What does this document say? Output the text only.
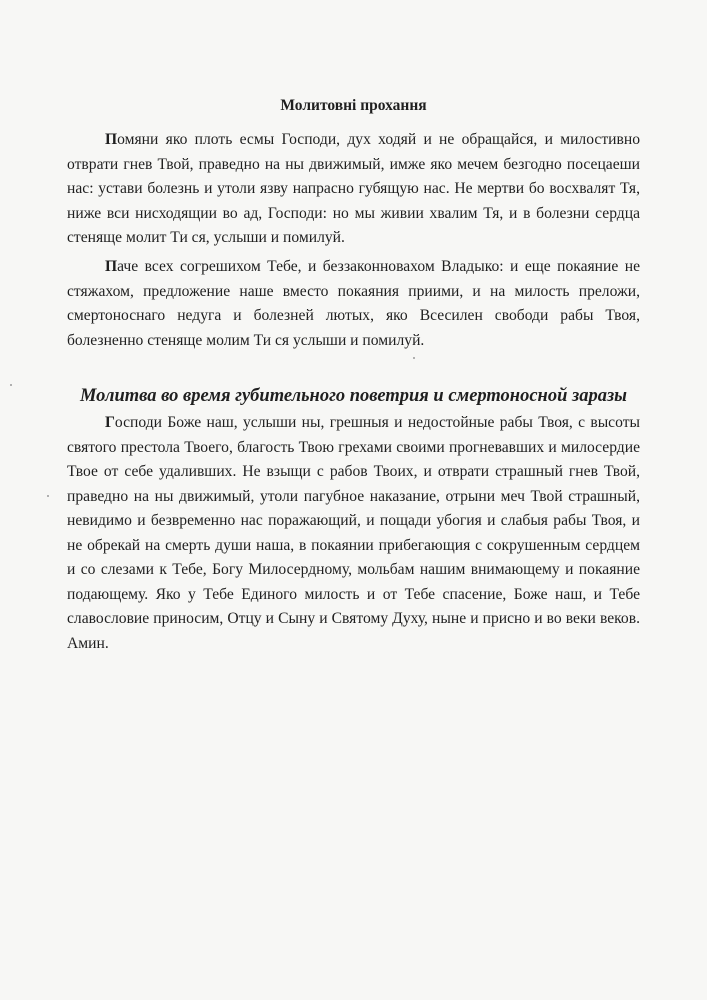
Молитовні прохання

Помяни яко плоть есмы Господи, дух ходяй и не обращайся, и милостивно отврати гнев Твой, праведно на ны движимый, имже яко мечем безгодно посецаеши нас: устави болезнь и утоли язву напрасно губящую нас. Не мертви бо восхвалят Тя, ниже вси нисходящии во ад, Господи: но мы живии хвалим Тя, и в болезни сердца стеняще молит Ти ся, услыши и помилуй.

Паче всех согрешихом Тебе, и беззаконновахом Владыко: и еще покаяние не стяжахом, предложение наше вместо покаяния приими, и на милость преложи, смертоноснаго недуга и болезней лютых, яко Всесилен свободи рабы Твоя, болезненно стеняще молим Ти ся услыши и помилуй.

Молитва во время губительного поветрия и смертоносной заразы

Господи Боже наш, услыши ны, грешныя и недостойные рабы Твоя, с высоты святого престола Твоего, благость Твою грехами своими прогневавших и милосердие Твое от себе удаливших. Не взыщи с рабов Твоих, и отврати страшный гнев Твой, праведно на ны движимый, утоли пагубное наказание, отрыни меч Твой страшный, невидимо и безвременно нас поражающий, и пощади убогия и слабыя рабы Твоя, и не обрекай на смерть души наша, в покаянии прибегающия с сокрушенным сердцем и со слезами к Тебе, Богу Милосердному, мольбам нашим внимающему и покаяние подающему. Яко у Тебе Единого милость и от Тебе спасение, Боже наш, и Тебе славословие приносим, Отцу и Сыну и Святому Духу, ныне и присно и во веки веков. Амин.
